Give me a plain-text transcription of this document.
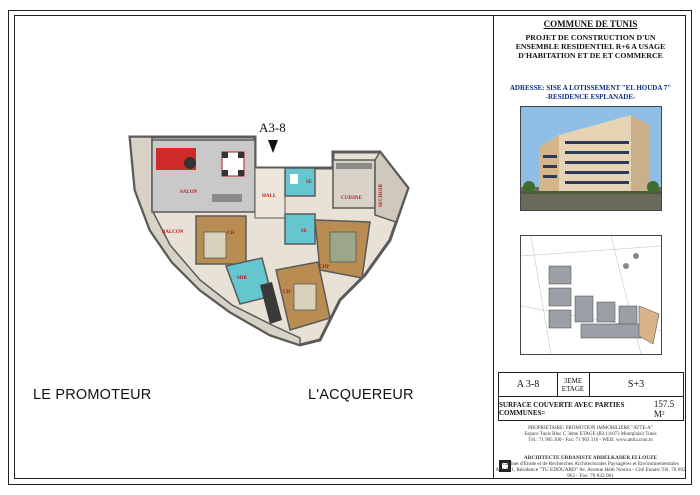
SALON
HALL	CUISINE	SECHOIR
SE
SE
CH
CH
CHP
SDB
BALCON
A3-8
LE PROMOTEUR	L'ACQUEREUR
COMMUNE DE TUNIS
PROJET DE CONSTRUCTION D'UN
ENSEMBLE RESIDENTIEL R+6 A USAGE
D'HABITATION ET DE ET COMMERCE
ADRESSE: SISE A LOTISSEMENT "EL HOUDA 7"
-RESIDENCE ESPLANADE-
A 3-8	3EME ETAGE	S+3
SURFACE COUVERTE AVEC PARTIES COMMUNES=
157.5 M²
PROPRIETAIRE: PROMOTION IMMOBILIERE "ATTE-A"
Espace Tunis Bloc C 3ème ETAGE (B3.1)1073 Montplaisir Tunis
Tél.: 71 905 300 - Fax: 71 903 316 - WEB: www.attila.com.tn
ARCHITECTE URBANISTE ABDELKADER ELLOUZE
Cabinet d'Etude et de Recherches Architecturales Paysagères et Environnementales
App.001, Résidence "TU EDOUARD" Av. Avenue Hédi Nouira - Cité Ennasr Tél. 70 692 962 - Fax: 70 832 061
